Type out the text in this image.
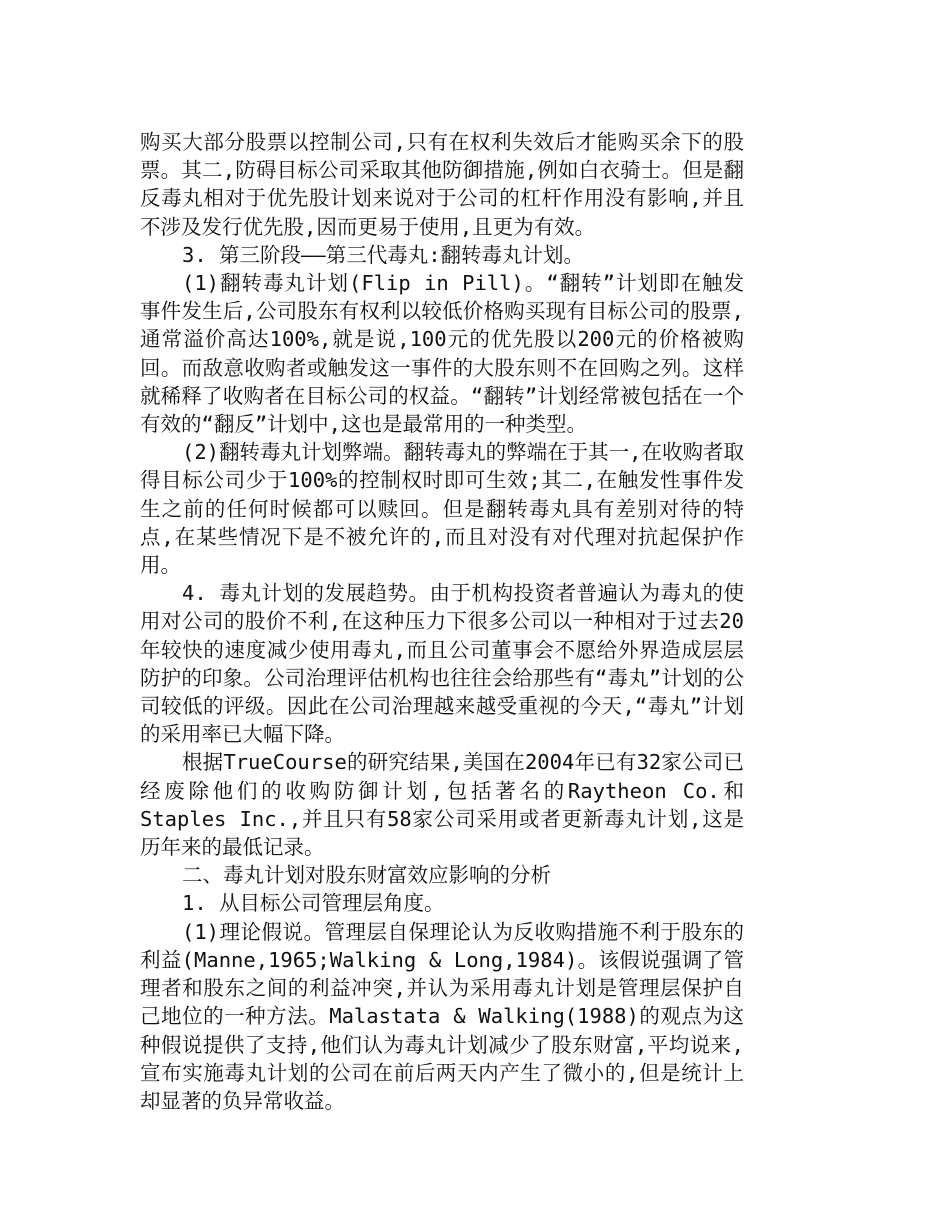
购买大部分股票以控制公司,只有在权利失效后才能购买余下的股票。其二,防碍目标公司采取其他防御措施,例如白衣骑士。但是翻反毒丸相对于优先股计划来说对于公司的杠杆作用没有影响,并且不涉及发行优先股,因而更易于使用,且更为有效。

3. 第三阶段——第三代毒丸:翻转毒丸计划。

(1)翻转毒丸计划(Flip in Pill)。“翻转”计划即在触发事件发生后,公司股东有权利以较低价格购买现有目标公司的股票,通常溢价高达100%,就是说,100元的优先股以200元的价格被购回。而敌意收购者或触发这一事件的大股东则不在回购之列。这样就稀释了收购者在目标公司的权益。“翻转”计划经常被包括在一个有效的“翻反”计划中,这也是最常用的一种类型。

(2)翻转毒丸计划弊端。翻转毒丸的弊端在于其一,在收购者取得目标公司少于100%的控制权时即可生效;其二,在触发性事件发生之前的任何时候都可以赎回。但是翻转毒丸具有差别对待的特点,在某些情况下是不被允许的,而且对没有对代理对抗起保护作用。

4. 毒丸计划的发展趋势。由于机构投资者普遍认为毒丸的使用对公司的股价不利,在这种压力下很多公司以一种相对于过去20年较快的速度减少使用毒丸,而且公司董事会不愿给外界造成层层防护的印象。公司治理评估机构也往往会给那些有“毒丸”计划的公司较低的评级。因此在公司治理越来越受重视的今天,“毒丸”计划的采用率已大幅下降。

根据TrueCourse的研究结果,美国在2004年已有32家公司已经废除他们的收购防御计划,包括著名的Raytheon Co.和Staples Inc.,并且只有58家公司采用或者更新毒丸计划,这是历年来的最低记录。

二、毒丸计划对股东财富效应影响的分析

1. 从目标公司管理层角度。

(1)理论假说。管理层自保理论认为反收购措施不利于股东的利益(Manne,1965;Walking & Long,1984)。该假说强调了管理者和股东之间的利益冲突,并认为采用毒丸计划是管理层保护自己地位的一种方法。Malastata & Walking(1988)的观点为这种假说提供了支持,他们认为毒丸计划减少了股东财富,平均说来,宣布实施毒丸计划的公司在前后两天内产生了微小的,但是统计上却显著的负异常收益。
